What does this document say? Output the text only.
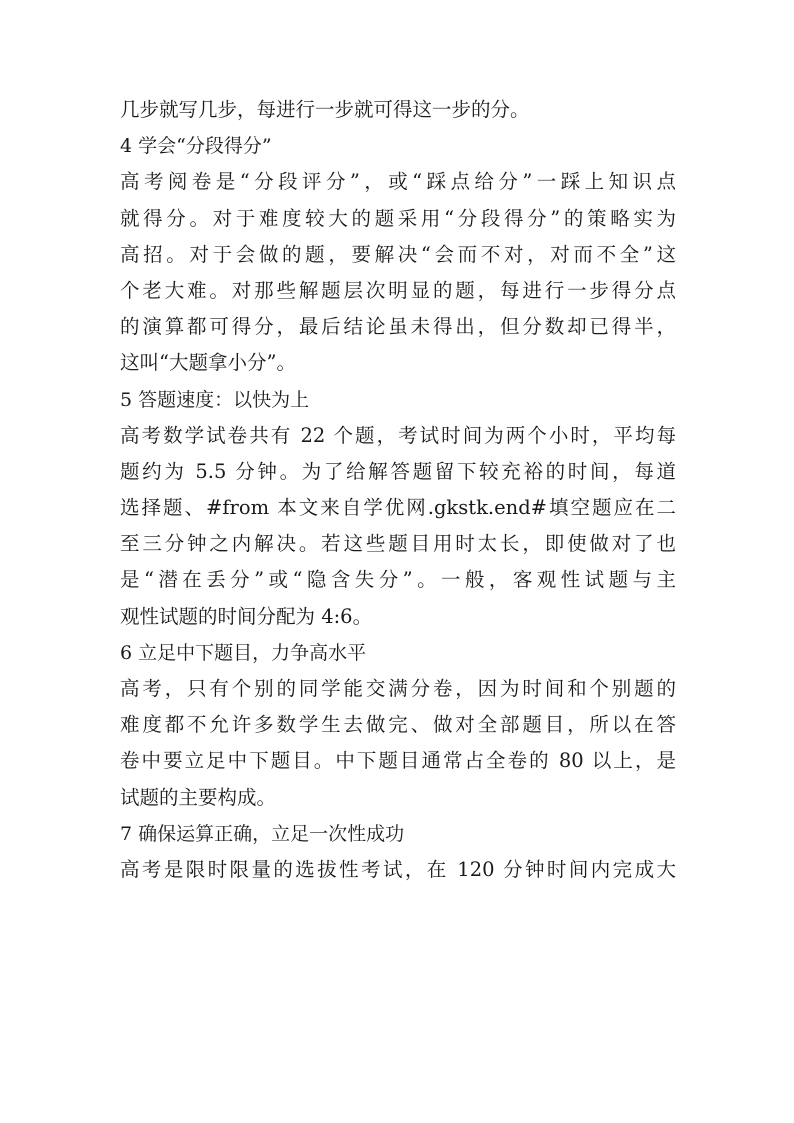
几步就写几步，每进行一步就可得这一步的分。
4 学会“分段得分”
高考阅卷是“分段评分”，或“踩点给分”一踩上知识点
就得分。对于难度较大的题采用“分段得分”的策略实为
高招。对于会做的题，要解决“会而不对，对而不全”这
个老大难。对那些解题层次明显的题，每进行一步得分点
的演算都可得分，最后结论虽未得出，但分数却已得半，
这叫“大题拿小分”。
5 答题速度：以快为上
高考数学试卷共有 22 个题，考试时间为两个小时，平均每
题约为 5.5 分钟。为了给解答题留下较充裕的时间，每道
选择题、#from 本文来自学优网.gkstk.end#填空题应在二
至三分钟之内解决。若这些题目用时太长，即使做对了也
是“潜在丢分”或“隐含失分”。一般，客观性试题与主
观性试题的时间分配为 4:6。
6 立足中下题目，力争高水平
高考，只有个别的同学能交满分卷，因为时间和个别题的
难度都不允许多数学生去做完、做对全部题目，所以在答
卷中要立足中下题目。中下题目通常占全卷的 80 以上，是
试题的主要构成。
7 确保运算正确，立足一次性成功
高考是限时限量的选拔性考试，在 120 分钟时间内完成大
